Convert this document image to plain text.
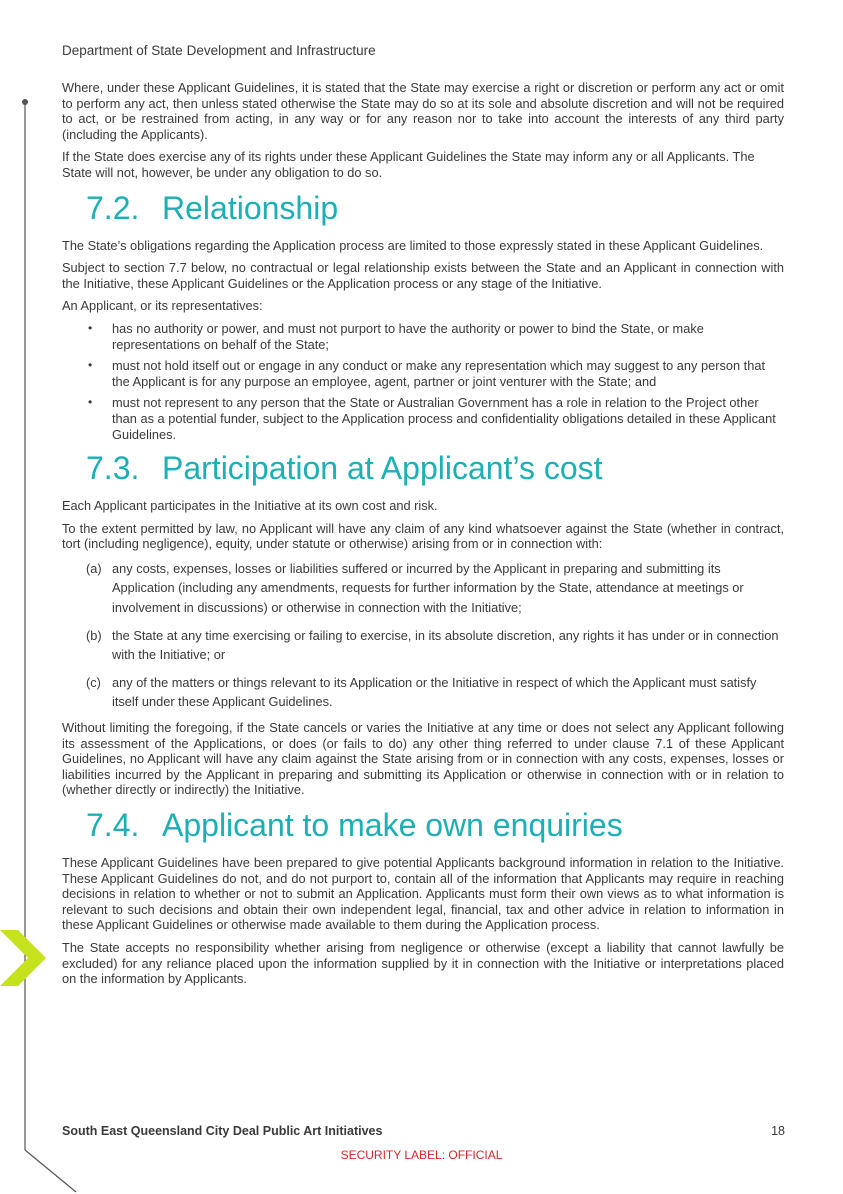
Department of State Development and Infrastructure

Where, under these Applicant Guidelines, it is stated that the State may exercise a right or discretion or perform any act or omit to perform any act, then unless stated otherwise the State may do so at its sole and absolute discretion and will not be required to act, or be restrained from acting, in any way or for any reason nor to take into account the interests of any third party (including the Applicants).

If the State does exercise any of its rights under these Applicant Guidelines the State may inform any or all Applicants. The State will not, however, be under any obligation to do so.

7.2. Relationship

The State’s obligations regarding the Application process are limited to those expressly stated in these Applicant Guidelines.

Subject to section 7.7 below, no contractual or legal relationship exists between the State and an Applicant in connection with the Initiative, these Applicant Guidelines or the Application process or any stage of the Initiative.

An Applicant, or its representatives:

• has no authority or power, and must not purport to have the authority or power to bind the State, or make representations on behalf of the State;
• must not hold itself out or engage in any conduct or make any representation which may suggest to any person that the Applicant is for any purpose an employee, agent, partner or joint venturer with the State; and
• must not represent to any person that the State or Australian Government has a role in relation to the Project other than as a potential funder, subject to the Application process and confidentiality obligations detailed in these Applicant Guidelines.
7.3. Participation at Applicant’s cost

Each Applicant participates in the Initiative at its own cost and risk.

To the extent permitted by law, no Applicant will have any claim of any kind whatsoever against the State (whether in contract, tort (including negligence), equity, under statute or otherwise) arising from or in connection with:

(a) any costs, expenses, losses or liabilities suffered or incurred by the Applicant in preparing and submitting its Application (including any amendments, requests for further information by the State, attendance at meetings or involvement in discussions) or otherwise in connection with the Initiative;
(b) the State at any time exercising or failing to exercise, in its absolute discretion, any rights it has under or in connection with the Initiative; or
(c) any of the matters or things relevant to its Application or the Initiative in respect of which the Applicant must satisfy itself under these Applicant Guidelines.

Without limiting the foregoing, if the State cancels or varies the Initiative at any time or does not select any Applicant following its assessment of the Applications, or does (or fails to do) any other thing referred to under clause 7.1 of these Applicant Guidelines, no Applicant will have any claim against the State arising from or in connection with any costs, expenses, losses or liabilities incurred by the Applicant in preparing and submitting its Application or otherwise in connection with or in relation to (whether directly or indirectly) the Initiative.

7.4. Applicant to make own enquiries

These Applicant Guidelines have been prepared to give potential Applicants background information in relation to the Initiative. These Applicant Guidelines do not, and do not purport to, contain all of the information that Applicants may require in reaching decisions in relation to whether or not to submit an Application. Applicants must form their own views as to what information is relevant to such decisions and obtain their own independent legal, financial, tax and other advice in relation to information in these Applicant Guidelines or otherwise made available to them during the Application process.

The State accepts no responsibility whether arising from negligence or otherwise (except a liability that cannot lawfully be excluded) for any reliance placed upon the information supplied by it in connection with the Initiative or interpretations placed on the information by Applicants.

South East Queensland City Deal Public Art Initiatives	18
SECURITY LABEL: OFFICIAL
